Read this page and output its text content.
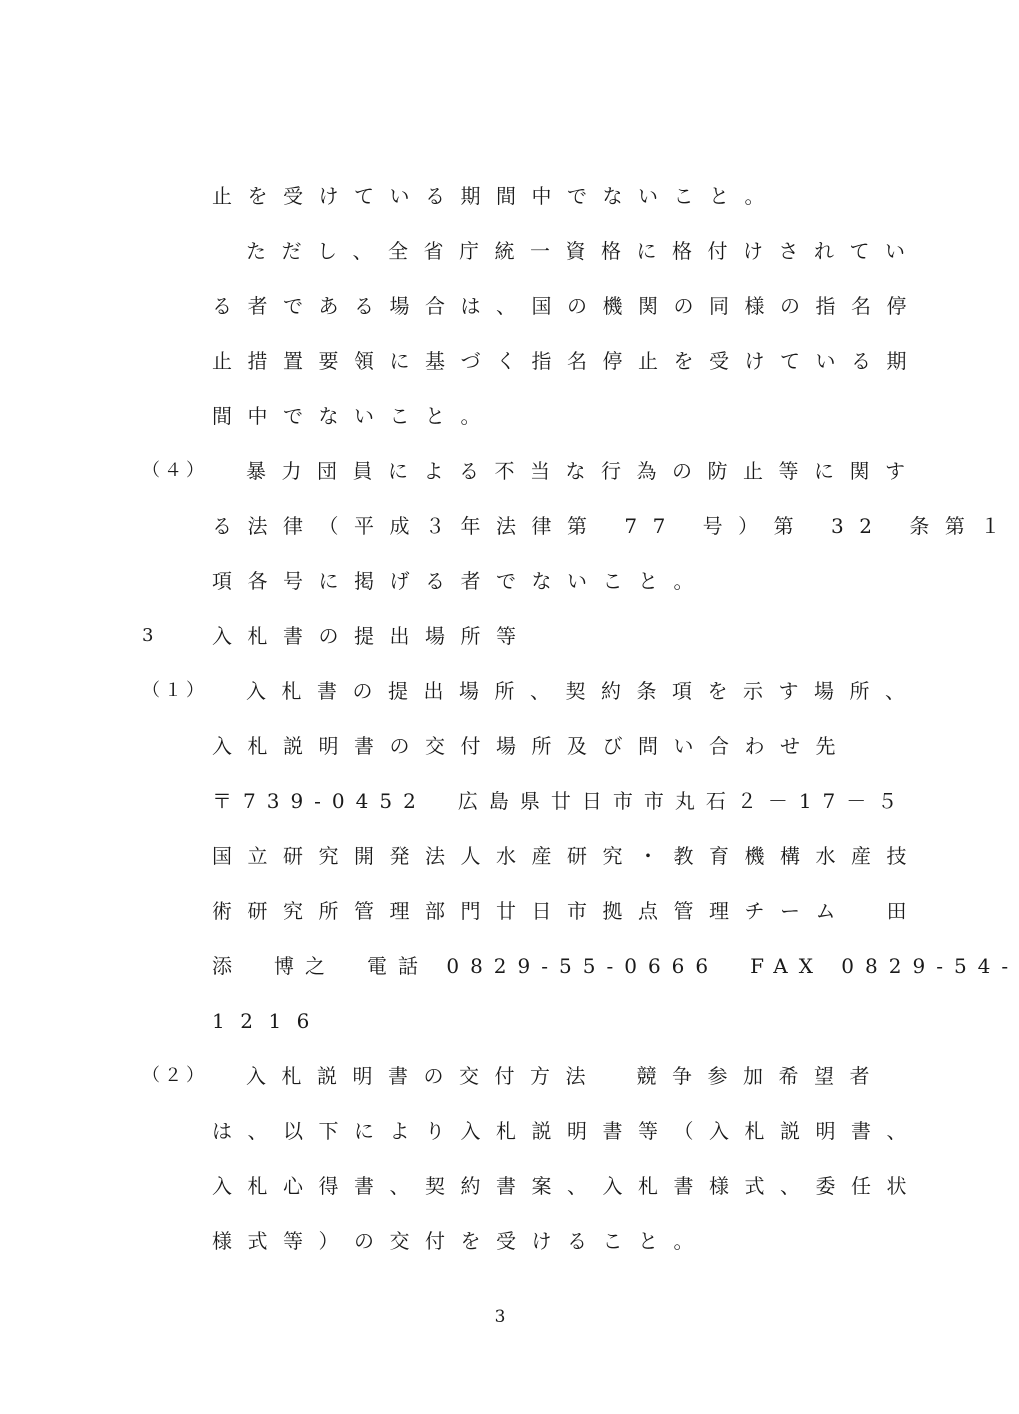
止を受けている期間中でないこと。
ただし、全省庁統一資格に格付けされてい
る者である場合は、国の機関の同様の指名停
止措置要領に基づく指名停止を受けている期
間中でないこと。
（４） 暴力団員による不当な行為の防止等に関す
る法律（平成３年法律第 77 号）第 32 条第１
項各号に掲げる者でないこと。
3	入札書の提出場所等
（１） 入札書の提出場所、契約条項を示す場所、
入札説明書の交付場所及び問い合わせ先
〒739-0452　広島県廿日市市丸石２－17－５
国立研究開発法人水産研究・教育機構水産技
術研究所管理部門廿日市拠点管理チーム　田
添　博之　電話 0829-55-0666　FAX 0829-54-
1216
（２） 入札説明書の交付方法　競争参加希望者
は、以下により入札説明書等（入札説明書、
入札心得書、契約書案、入札書様式、委任状
様式等）の交付を受けること。
3
